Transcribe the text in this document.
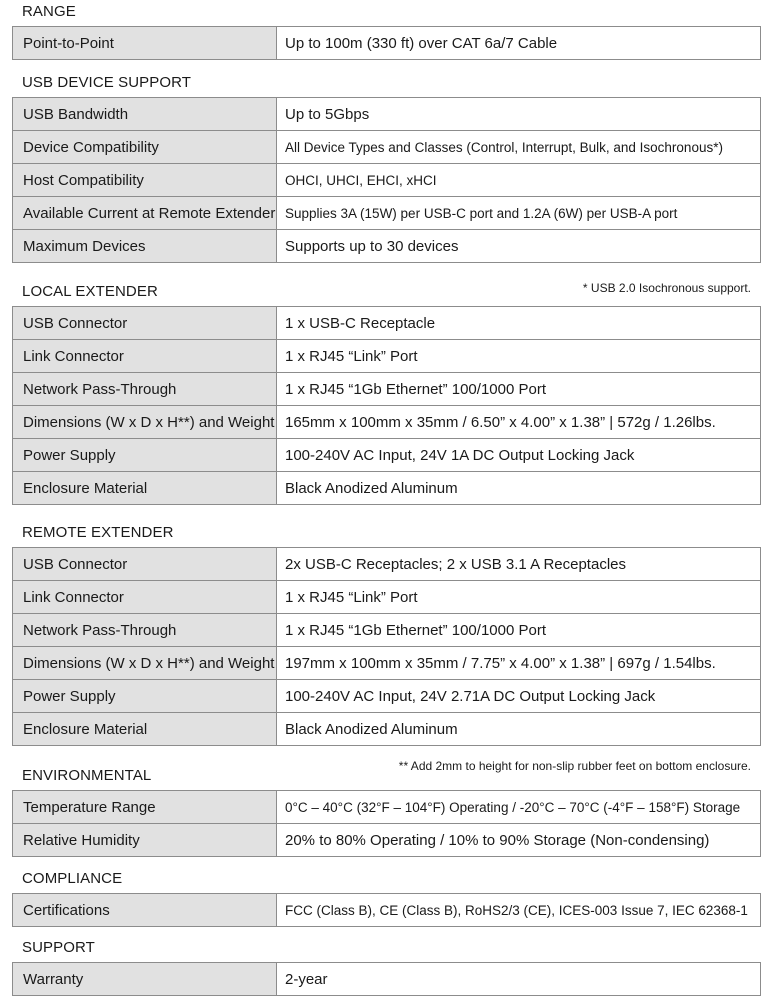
RANGE
Point-to-Point	Up to 100m (330 ft) over CAT 6a/7 Cable
USB DEVICE SUPPORT
USB Bandwidth	Up to 5Gbps
Device Compatibility	All Device Types and Classes (Control, Interrupt, Bulk, and Isochronous*)
Host Compatibility	OHCI, UHCI, EHCI, xHCI
Available Current at Remote Extender	Supplies 3A (15W) per USB-C port and 1.2A (6W) per USB-A port
Maximum Devices	Supports up to 30 devices
LOCAL EXTENDER	* USB 2.0 Isochronous support.
USB Connector	1 x USB-C Receptacle
Link Connector	1 x RJ45 “Link” Port
Network Pass-Through	1 x RJ45 “1Gb Ethernet” 100/1000 Port
Dimensions (W x D x H**) and Weight	165mm x 100mm x 35mm / 6.50” x 4.00” x 1.38” | 572g / 1.26lbs.
Power Supply	100-240V AC Input, 24V 1A DC Output Locking Jack
Enclosure Material	Black Anodized Aluminum
REMOTE EXTENDER
USB Connector	2x USB-C Receptacles; 2 x USB 3.1 A Receptacles
Link Connector	1 x RJ45 “Link” Port
Network Pass-Through	1 x RJ45 “1Gb Ethernet” 100/1000 Port
Dimensions (W x D x H**) and Weight	197mm x 100mm x 35mm / 7.75” x 4.00” x 1.38” | 697g / 1.54lbs.
Power Supply	100-240V AC Input, 24V 2.71A DC Output Locking Jack
Enclosure Material	Black Anodized Aluminum
ENVIRONMENTAL
** Add 2mm to height for non-slip rubber feet on bottom enclosure.
Temperature Range	0°C – 40°C (32°F – 104°F) Operating / -20°C – 70°C (-4°F – 158°F) Storage
Relative Humidity	20% to 80% Operating / 10% to 90% Storage (Non-condensing)
COMPLIANCE
Certifications	FCC (Class B), CE (Class B), RoHS2/3 (CE), ICES-003 Issue 7, IEC 62368-1
SUPPORT
Warranty	2-year
